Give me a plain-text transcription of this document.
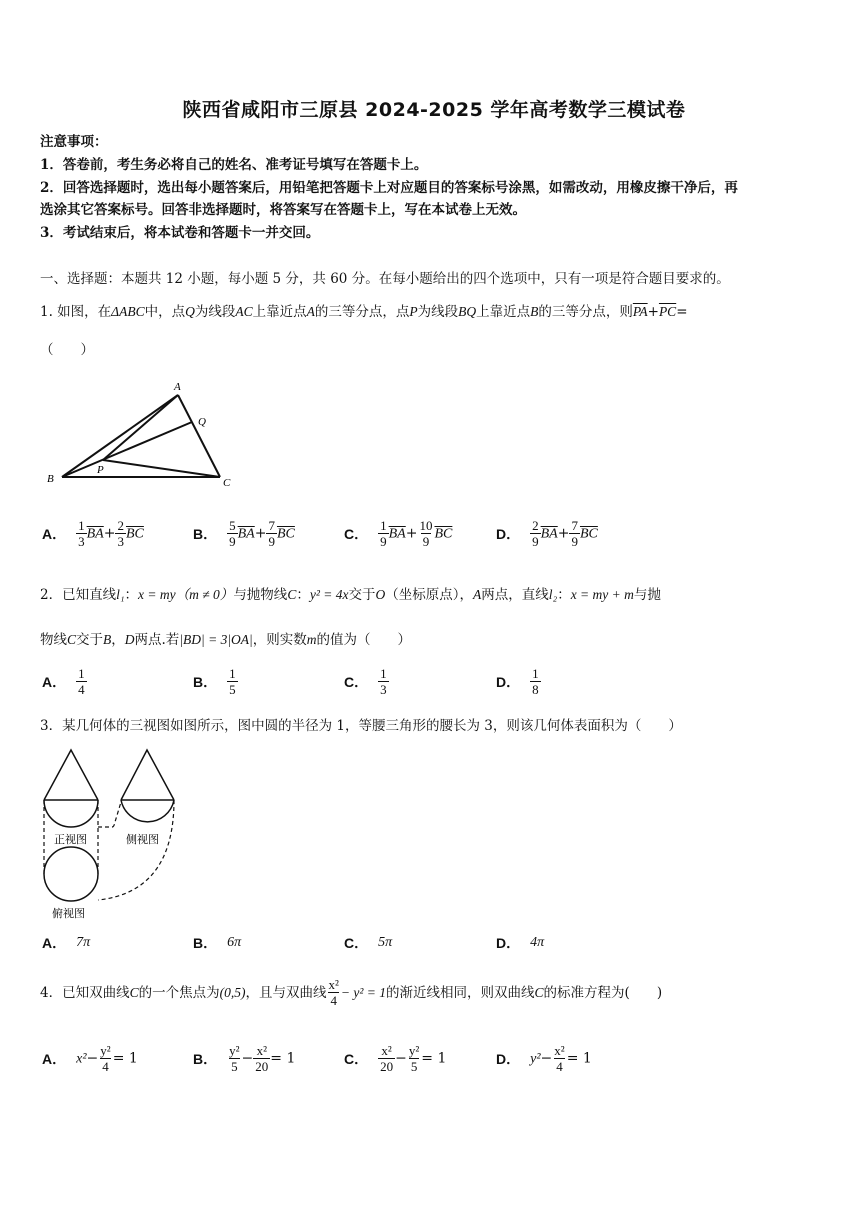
陕西省咸阳市三原县 2024-2025 学年高考数学三模试卷
注意事项：
1．答卷前，考生务必将自己的姓名、准考证号填写在答题卡上。
2．回答选择题时，选出每小题答案后，用铅笔把答题卡上对应题目的答案标号涂黑，如需改动，用橡皮擦干净后，再
选涂其它答案标号。回答非选择题时，将答案写在答题卡上，写在本试卷上无效。
3．考试结束后，将本试卷和答题卡一并交回。
一、选择题：本题共 12 小题，每小题 5 分，共 60 分。在每小题给出的四个选项中，只有一项是符合题目要求的。
1. 如图，在ΔABC中，点Q为线段AC上靠近点A的三等分点，点P为线段BQ上靠近点B的三等分点，则$\overline{PA}+\overline{PC}=$
（　　）
A
Q
B
P
C
A． $\frac{1}{3} \overline{BA}+ \frac{2}{3} \overline{BC}$	B． $\frac{5}{9} \overline{BA}+ \frac{7}{9} \overline{BC}$	C． $\frac{1}{9} \overline{BA}+ \frac{10}{9} \overline{BC}$	D． $\frac{2}{9} \overline{BA}+ \frac{7}{9} \overline{BC}$
2．已知直线l₁：x = my（m ≠ 0）与抛物线C：y² = 4x交于O（坐标原点），A两点，直线l₂：x = my + m与抛
物线C交于B，D两点.若|BD| = 3|OA|，则实数m的值为（　　）
A． $\frac{1}{4}$	B． $\frac{1}{5}$	C． $\frac{1}{3}$	D． $\frac{1}{8}$
3．某几何体的三视图如图所示，图中圆的半径为 1，等腰三角形的腰长为 3，则该几何体表面积为（　　）
正视图	侧视图
俯视图
A． 7π	B． 6π	C． 5π	D． 4π
4．已知双曲线 C 的一个焦点为 (0,5) ，且与双曲线 $\frac{\text{x²}}{4} - y^2 = 1$ 的渐近线相同，则双曲线 C 的标准方程为(　　)
A． $x^2- \frac{\text{y²}}{4} = 1$	B． $\frac{\text{y²}}{5} - \frac{\text{x²}}{20} = 1$	C． $\frac{\text{x²}}{20} - \frac{\text{y²}}{5} = 1$	D． $y^2- \frac{\text{x²}}{4} = 1$
